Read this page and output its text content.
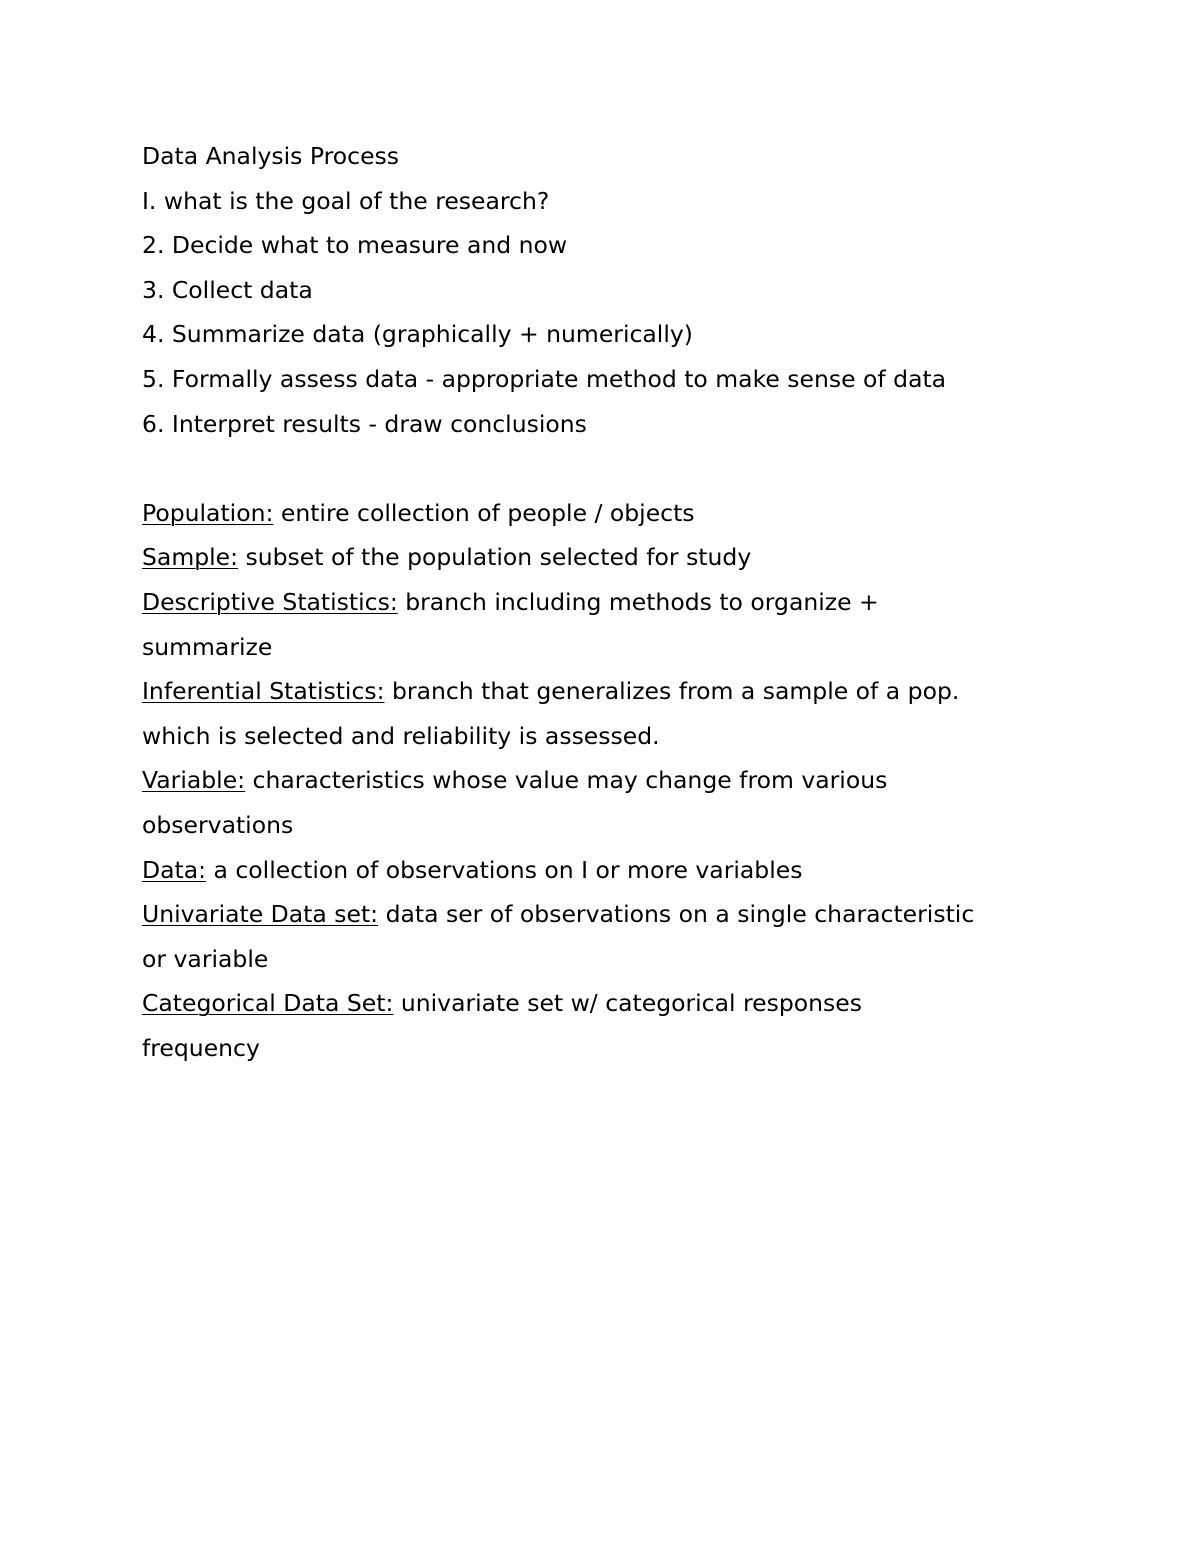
Data Analysis Process

I. what is the goal of the research?

2. Decide what to measure and now

3. Collect data

4. Summarize data (graphically + numerically)

5. Formally assess data - appropriate method to make sense of data

6. Interpret results - draw conclusions

Population: entire collection of people / objects

Sample: subset of the population selected for study

Descriptive Statistics: branch including methods to organize +

summarize

Inferential Statistics: branch that generalizes from a sample of a pop.

which is selected and reliability is assessed.

Variable: characteristics whose value may change from various

observations

Data: a collection of observations on I or more variables

Univariate Data set: data ser of observations on a single characteristic

or variable

Categorical Data Set: univariate set w/ categorical responses

frequency
